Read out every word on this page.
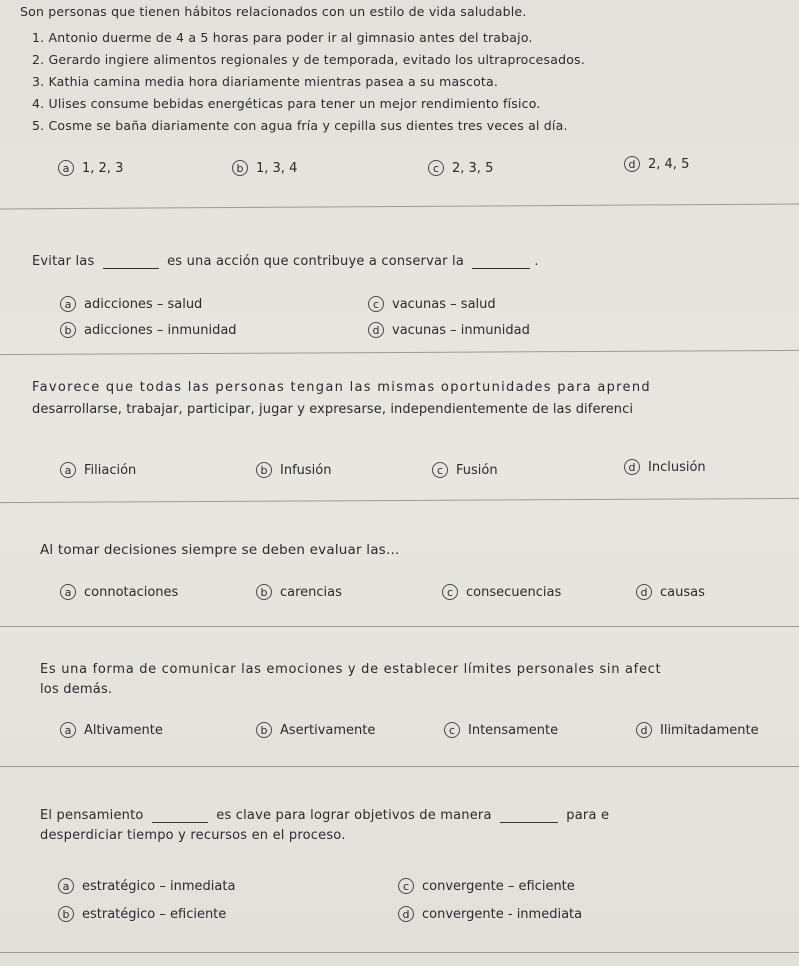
Son personas que tienen hábitos relacionados con un estilo de vida saludable.
1. Antonio duerme de 4 a 5 horas para poder ir al gimnasio antes del trabajo.
2. Gerardo ingiere alimentos regionales y de temporada, evitado los ultraprocesados.
3. Kathia camina media hora diariamente mientras pasea a su mascota.
4. Ulises consume bebidas energéticas para tener un mejor rendimiento físico.
5. Cosme se baña diariamente con agua fría y cepilla sus dientes tres veces al día.
a 1, 2, 3	b 1, 3, 4	c 2, 3, 5	d 2, 4, 5
Evitar las	es una acción que contribuye a conservar la	.
a adicciones – salud	c vacunas – salud
b adicciones – inmunidad	d vacunas – inmunidad
Favorece que todas las personas tengan las mismas oportunidades para aprend
desarrollarse, trabajar, participar, jugar y expresarse, independientemente de las diferenci
a Filiación	b Infusión	c Fusión	d Inclusión
Al tomar decisiones siempre se deben evaluar las…
a connotaciones	b carencias	c consecuencias	d causas
Es una forma de comunicar las emociones y de establecer límites personales sin afect
los demás.
a Altivamente	b Asertivamente	c Intensamente	d Ilimitadamente
El pensamiento	es clave para lograr objetivos de manera	para e
desperdiciar tiempo y recursos en el proceso.
a estratégico – inmediata	c convergente – eficiente
b estratégico – eficiente	d convergente - inmediata
